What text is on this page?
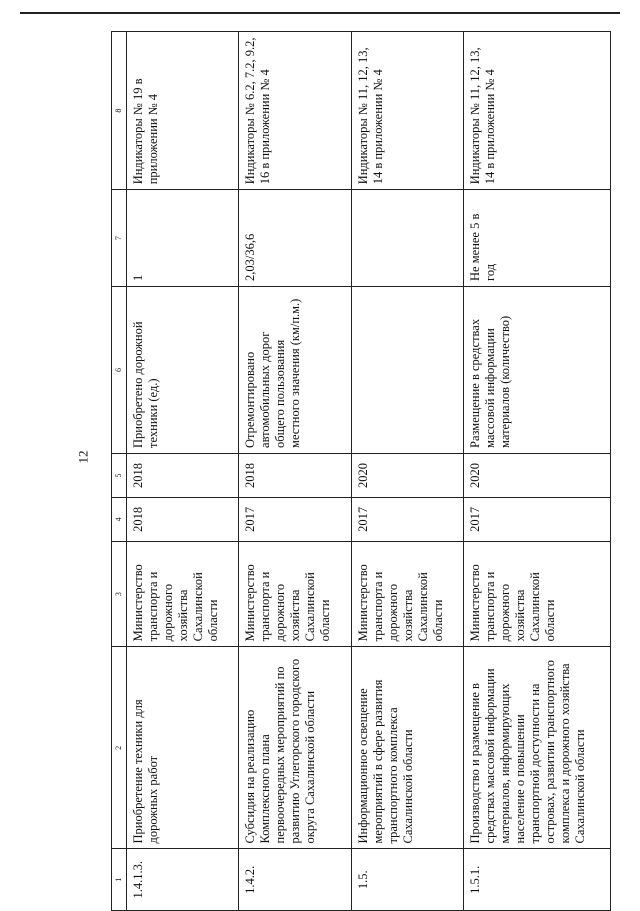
12
1	2	3	4	5	6	7	8
1.4.1.3.	Приобретение техники для дорожных работ	Министерство транспорта и дорожного хозяйства Сахалинской области	2018	2018	Приобретено дорожной техники (ед.)	1	Индикаторы № 19 в приложении № 4
1.4.2.	Субсидия на реализацию Комплексного плана первоочередных мероприятий по развитию Углегорского городского округа Сахалинской области	Министерство транспорта и дорожного хозяйства Сахалинской области	2017	2018	Отремонтировано автомобильных дорог общего пользования местного значения (км/п.м.)	2,03/36,6	Индикаторы № 6.2, 7.2, 9.2, 16 в приложении № 4
1.5.	Информационное освещение мероприятий в сфере развития транспортного комплекса Сахалинской области	Министерство транспорта и дорожного хозяйства Сахалинской области	2017	2020			Индикаторы № 11, 12, 13, 14 в приложении № 4
1.5.1.	Производство и размещение в средствах массовой информации материалов, информирующих население о повышении транспортной доступности на островах, развитии транспортного комплекса и дорожного хозяйства Сахалинской области	Министерство транспорта и дорожного хозяйства Сахалинской области	2017	2020	Размещение в средствах массовой информации материалов (количество)	Не менее 5 в год	Индикаторы № 11, 12, 13, 14 в приложении № 4
